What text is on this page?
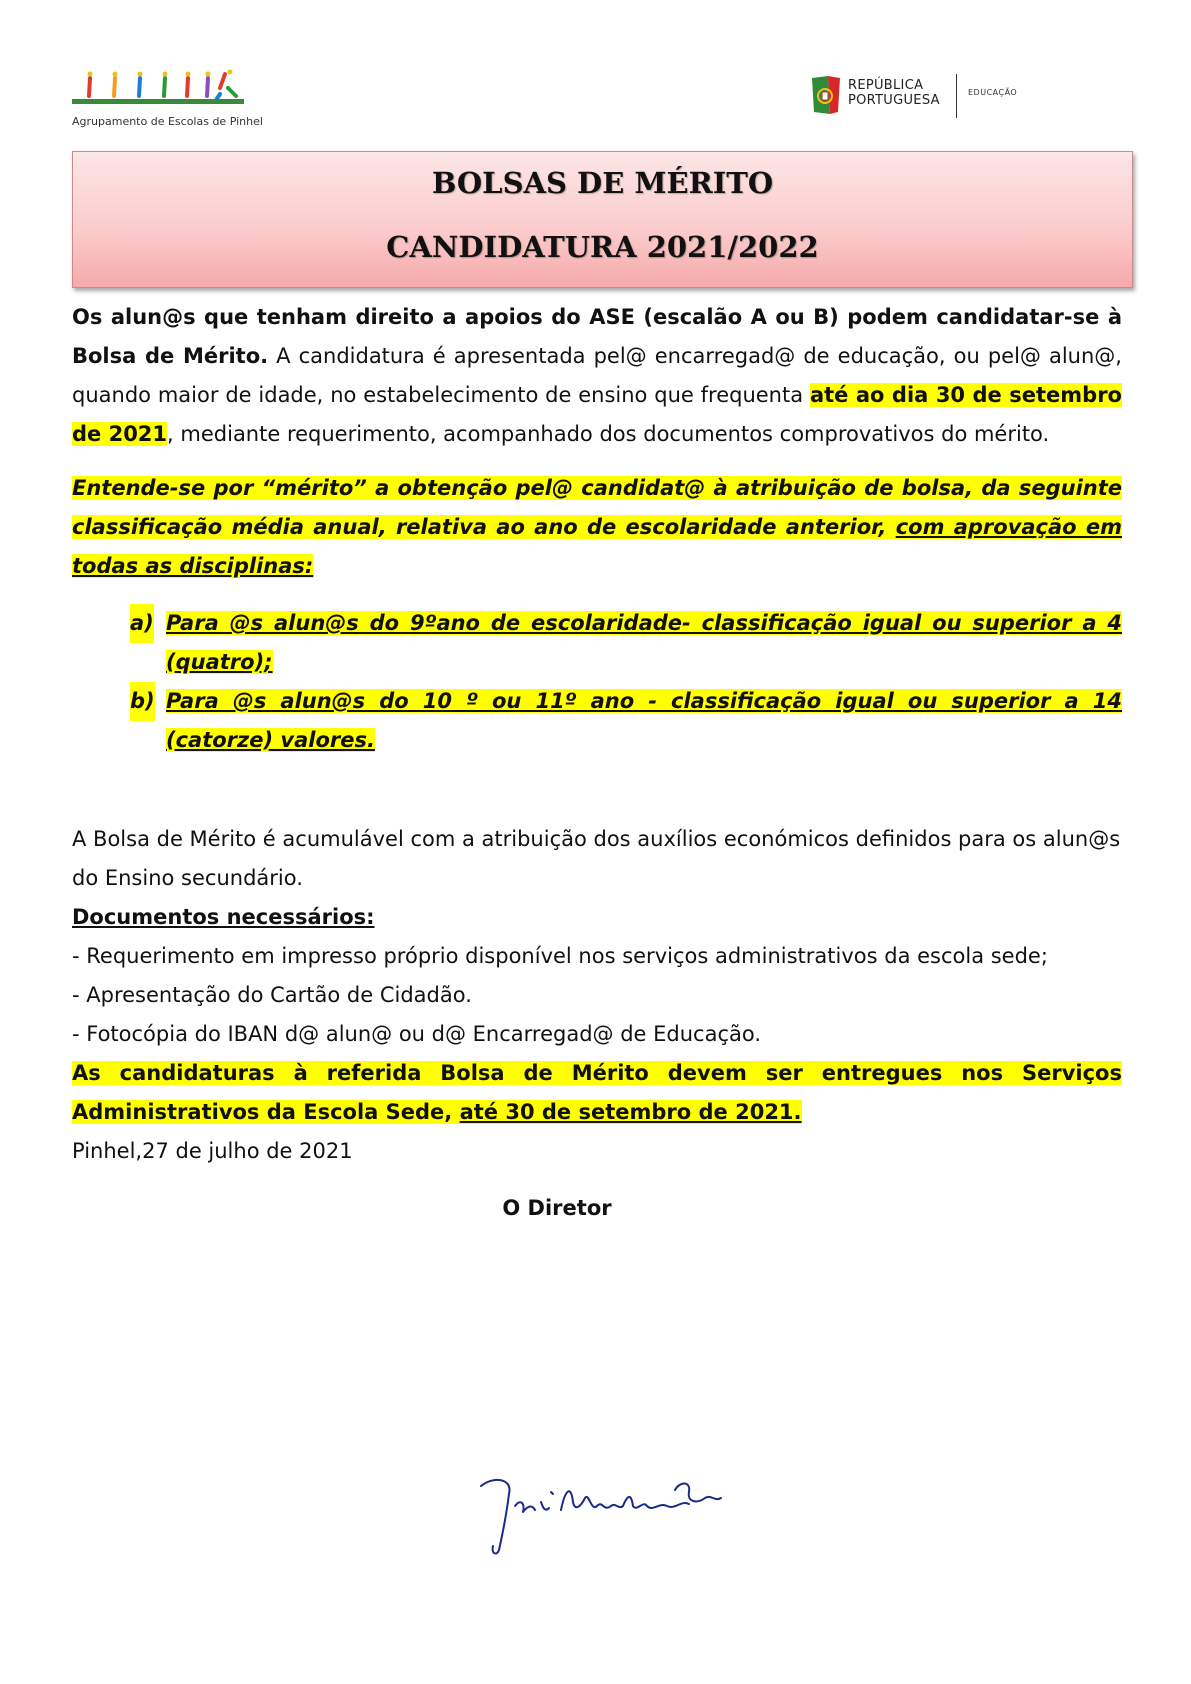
Agrupamento de Escolas de Pinhel
REPÚBLICA
PORTUGUESA
EDUCAÇÃO
BOLSAS DE MÉRITO
CANDIDATURA 2021/2022

Os alun@s que tenham direito a apoios do ASE (escalão A ou B) podem candidatar-se à Bolsa de Mérito. A candidatura é apresentada pel@ encarregad@ de educação, ou pel@ alun@, quando maior de idade, no estabelecimento de ensino que frequenta até ao dia 30 de setembro de 2021, mediante requerimento, acompanhado dos documentos comprovativos do mérito.

Entende-se por “mérito” a obtenção pel@ candidat@ à atribuição de bolsa, da seguinte classificação média anual, relativa ao ano de escolaridade anterior, com aprovação em todas as disciplinas:

a) Para @s alun@s do 9ºano de escolaridade- classificação igual ou superior a 4 (quatro);
b) Para @s alun@s do 10 º ou 11º ano - classificação igual ou superior a 14 (catorze) valores.

A Bolsa de Mérito é acumulável com a atribuição dos auxílios económicos definidos para os alun@s do Ensino secundário.

Documentos necessários:

- Requerimento em impresso próprio disponível nos serviços administrativos da escola sede;

- Apresentação do Cartão de Cidadão.

- Fotocópia do IBAN d@ alun@ ou d@ Encarregad@ de Educação.

As candidaturas à referida Bolsa de Mérito devem ser entregues nos Serviços Administrativos da Escola Sede, até 30 de setembro de 2021.

Pinhel,27 de julho de 2021

O Diretor
